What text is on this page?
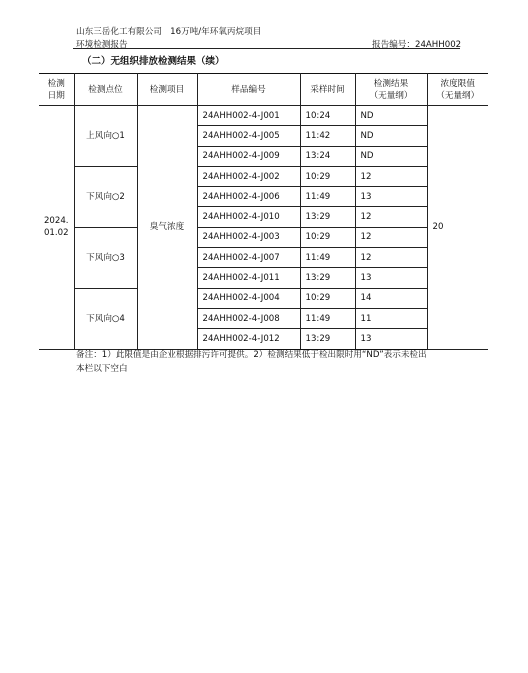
山东三岳化工有限公司   16万吨/年环氧丙烷项目
环境检测报告	报告编号：24AHH002
（二）无组织排放检测结果（续）
检测
日期	检测点位	检测项目	样品编号	采样时间	检测结果
（无量纲）	浓度限值
（无量纲）
2024.
01.02	上风向○1	臭气浓度	24AHH002-4-J001	10:24	ND	20
			24AHH002-4-J005	11:42	ND	
			24AHH002-4-J009	13:24	ND	
	下风向○2		24AHH002-4-J002	10:29	12	
			24AHH002-4-J006	11:49	13	
			24AHH002-4-J010	13:29	12	
	下风向○3		24AHH002-4-J003	10:29	12	
			24AHH002-4-J007	11:49	12	
			24AHH002-4-J011	13:29	13	
	下风向○4		24AHH002-4-J004	10:29	14	
			24AHH002-4-J008	11:49	11	
			24AHH002-4-J012	13:29	13	
备注：1）此限值是由企业根据排污许可提供。2）检测结果低于检出限时用“ND”表示未检出
本栏以下空白
